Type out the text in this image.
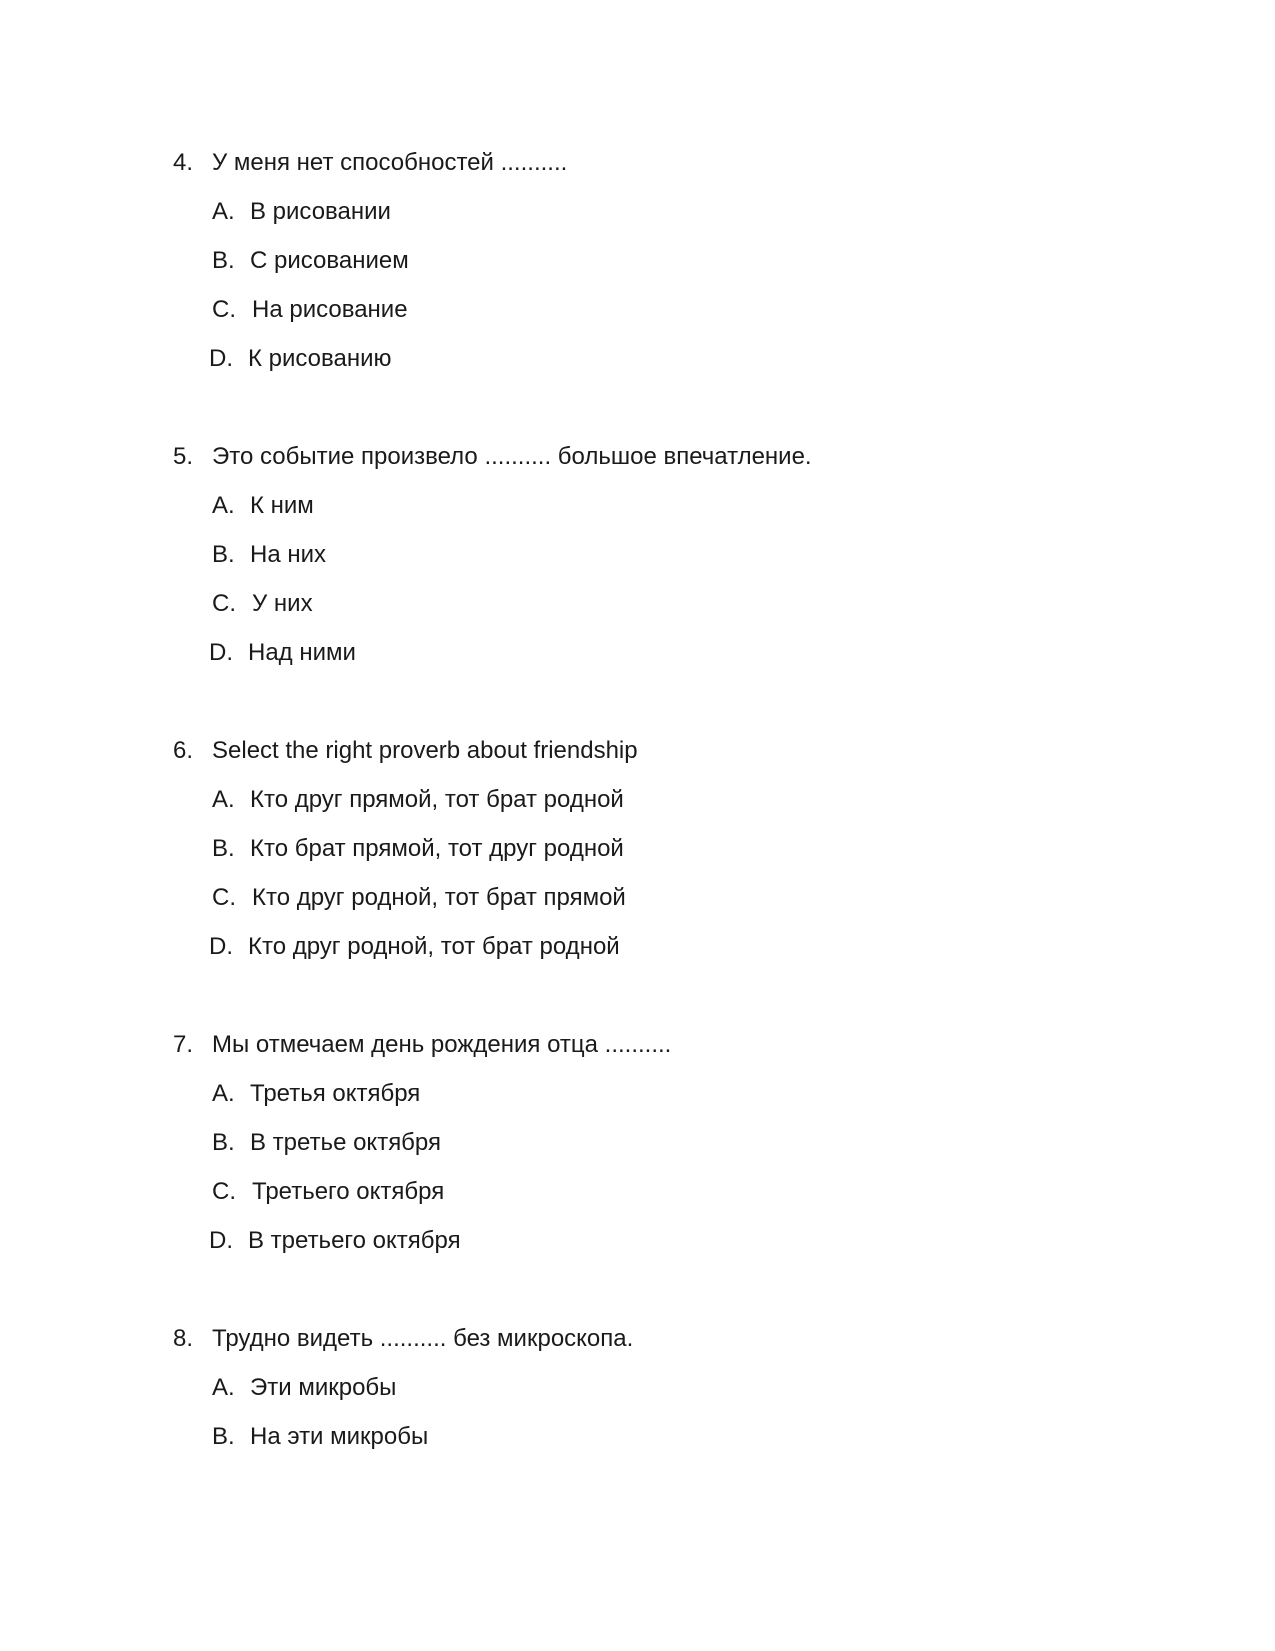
4. У меня нет способностей ..........
A. В рисовании
B. С рисованием
C. На рисование
D. К рисованию
5. Это событие произвело .......... большое впечатление.
A. К ним
B. На них
C. У них
D. Над ними
6. Select the right proverb about friendship
A. Кто друг прямой, тот брат родной
B. Кто брат прямой, тот друг родной
C. Кто друг родной, тот брат прямой
D. Кто друг родной, тот брат родной
7. Мы отмечаем день рождения отца ..........
A. Третья октября
B. В третье октября
C. Третьего октября
D. В третьего октября
8. Трудно видеть .......... без микроскопа.
A. Эти микробы
B. На эти микробы
